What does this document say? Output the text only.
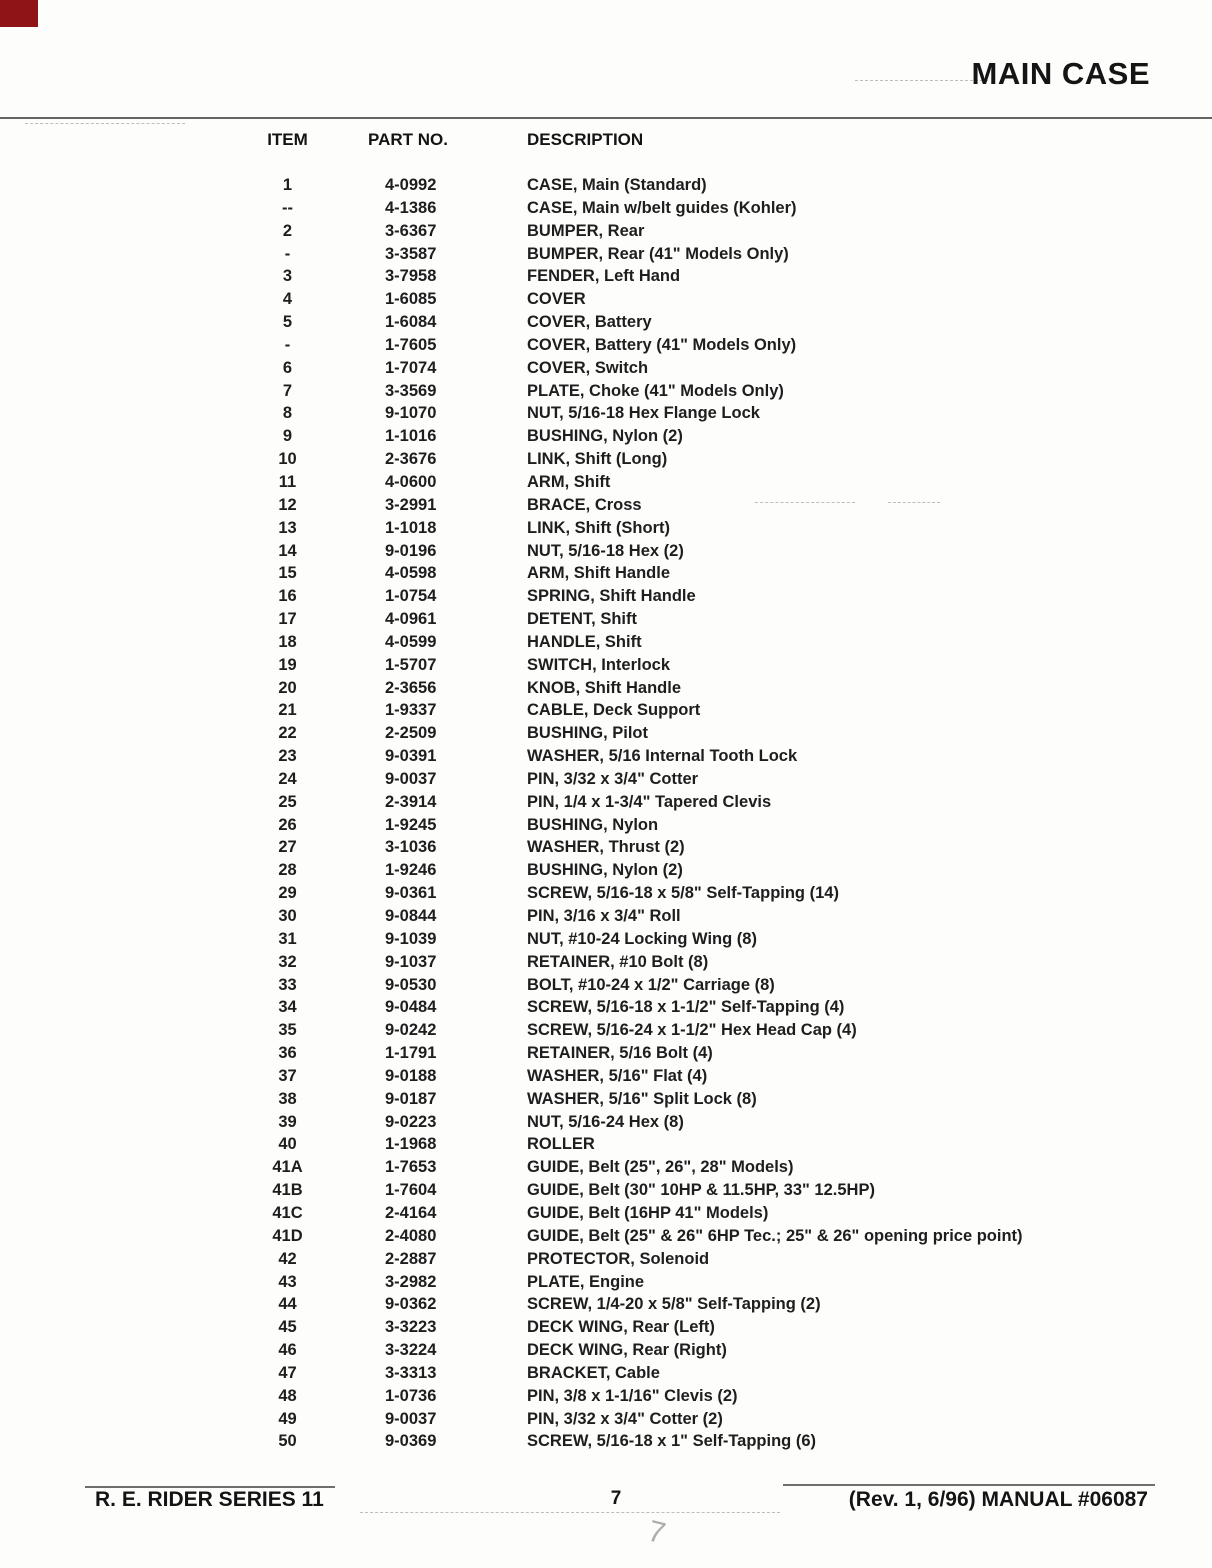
MAIN CASE
ITEM	PART NO.	DESCRIPTION
1	4-0992	CASE, Main (Standard)
--	4-1386	CASE, Main w/belt guides (Kohler)
2	3-6367	BUMPER, Rear
-	3-3587	BUMPER, Rear (41" Models Only)
3	3-7958	FENDER, Left Hand
4	1-6085	COVER
5	1-6084	COVER, Battery
-	1-7605	COVER, Battery (41" Models Only)
6	1-7074	COVER, Switch
7	3-3569	PLATE, Choke (41" Models Only)
8	9-1070	NUT, 5/16-18 Hex Flange Lock
9	1-1016	BUSHING, Nylon (2)
10	2-3676	LINK, Shift (Long)
11	4-0600	ARM, Shift
12	3-2991	BRACE, Cross
13	1-1018	LINK, Shift (Short)
14	9-0196	NUT, 5/16-18 Hex (2)
15	4-0598	ARM, Shift Handle
16	1-0754	SPRING, Shift Handle
17	4-0961	DETENT, Shift
18	4-0599	HANDLE, Shift
19	1-5707	SWITCH, Interlock
20	2-3656	KNOB, Shift Handle
21	1-9337	CABLE, Deck Support
22	2-2509	BUSHING, Pilot
23	9-0391	WASHER, 5/16 Internal Tooth Lock
24	9-0037	PIN, 3/32 x 3/4" Cotter
25	2-3914	PIN, 1/4 x 1-3/4" Tapered Clevis
26	1-9245	BUSHING, Nylon
27	3-1036	WASHER, Thrust (2)
28	1-9246	BUSHING, Nylon (2)
29	9-0361	SCREW, 5/16-18 x 5/8" Self-Tapping (14)
30	9-0844	PIN, 3/16 x 3/4" Roll
31	9-1039	NUT, #10-24 Locking Wing (8)
32	9-1037	RETAINER, #10 Bolt (8)
33	9-0530	BOLT, #10-24 x 1/2" Carriage (8)
34	9-0484	SCREW, 5/16-18 x 1-1/2" Self-Tapping (4)
35	9-0242	SCREW, 5/16-24 x 1-1/2" Hex Head Cap (4)
36	1-1791	RETAINER, 5/16 Bolt (4)
37	9-0188	WASHER, 5/16" Flat (4)
38	9-0187	WASHER, 5/16" Split Lock (8)
39	9-0223	NUT, 5/16-24 Hex (8)
40	1-1968	ROLLER
41A	1-7653	GUIDE, Belt (25", 26", 28" Models)
41B	1-7604	GUIDE, Belt (30" 10HP & 11.5HP, 33" 12.5HP)
41C	2-4164	GUIDE, Belt (16HP 41" Models)
41D	2-4080	GUIDE, Belt (25" & 26" 6HP Tec.; 25" & 26" opening price point)
42	2-2887	PROTECTOR, Solenoid
43	3-2982	PLATE, Engine
44	9-0362	SCREW, 1/4-20 x 5/8" Self-Tapping (2)
45	3-3223	DECK WING, Rear (Left)
46	3-3224	DECK WING, Rear (Right)
47	3-3313	BRACKET, Cable
48	1-0736	PIN, 3/8 x 1-1/16" Clevis (2)
49	9-0037	PIN, 3/32 x 3/4" Cotter (2)
50	9-0369	SCREW, 5/16-18 x 1" Self-Tapping (6)
R. E. RIDER SERIES 11	7	(Rev. 1, 6/96) MANUAL #06087
7
